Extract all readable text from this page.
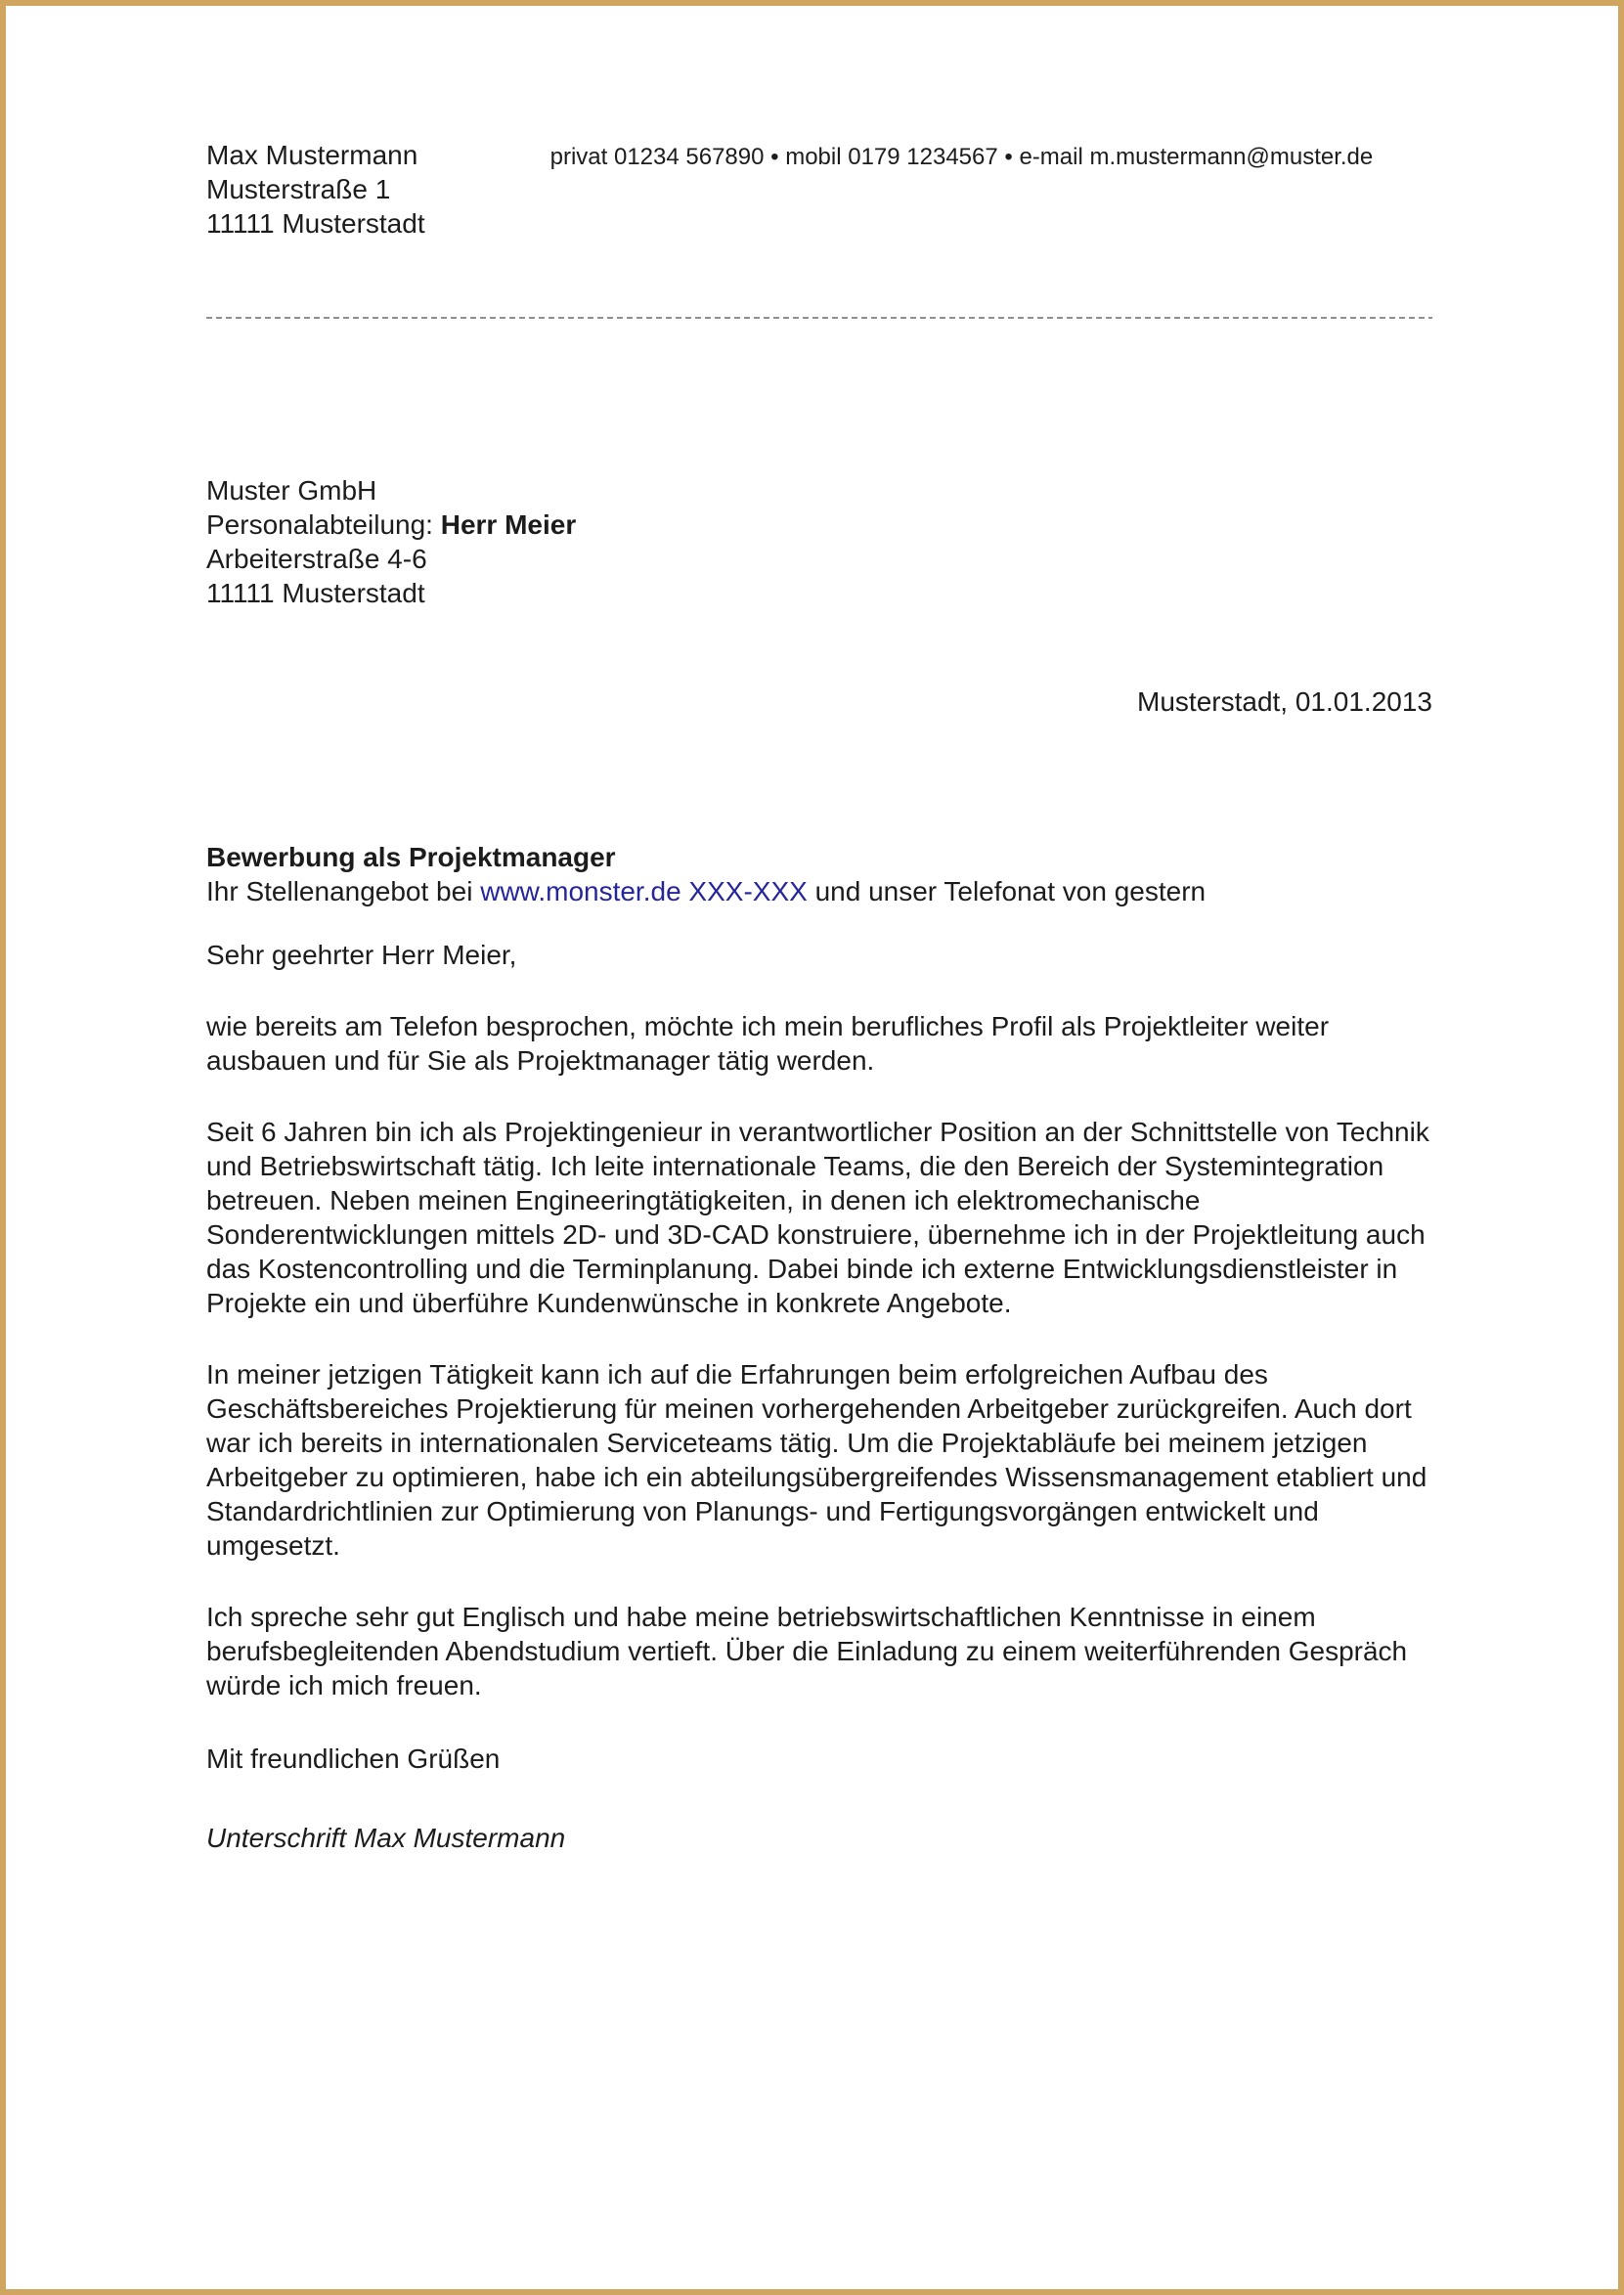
Max Mustermann
Musterstraße 1
11111 Musterstadt
privat 01234 567890 • mobil 0179 1234567 • e-mail m.mustermann@muster.de
Muster GmbH
Personalabteilung: Herr Meier
Arbeiterstraße 4-6
11111 Musterstadt
Musterstadt, 01.01.2013
Bewerbung als Projektmanager
Ihr Stellenangebot bei www.monster.de XXX-XXX und unser Telefonat von gestern
Sehr geehrter Herr Meier,

wie bereits am Telefon besprochen, möchte ich mein berufliches Profil als Projektleiter weiter ausbauen und für Sie als Projektmanager tätig werden.

Seit 6 Jahren bin ich als Projektingenieur in verantwortlicher Position an der Schnittstelle von Technik und Betriebswirtschaft tätig. Ich leite internationale Teams, die den Bereich der Systemintegration betreuen. Neben meinen Engineeringtätigkeiten, in denen ich elektromechanische Sonderentwicklungen mittels 2D- und 3D-CAD konstruiere, übernehme ich in der Projektleitung auch das Kostencontrolling und die Terminplanung. Dabei binde ich externe Entwicklungsdienstleister in Projekte ein und überführe Kundenwünsche in konkrete Angebote.

In meiner jetzigen Tätigkeit kann ich auf die Erfahrungen beim erfolgreichen Aufbau des Geschäftsbereiches Projektierung für meinen vorhergehenden Arbeitgeber zurückgreifen. Auch dort war ich bereits in internationalen Serviceteams tätig. Um die Projektabläufe bei meinem jetzigen Arbeitgeber zu optimieren, habe ich ein abteilungsübergreifendes Wissensmanagement etabliert und Standardrichtlinien zur Optimierung von Planungs- und Fertigungsvorgängen entwickelt und umgesetzt.

Ich spreche sehr gut Englisch und habe meine betriebswirtschaftlichen Kenntnisse in einem berufsbegleitenden Abendstudium vertieft. Über die Einladung zu einem weiterführenden Gespräch würde ich mich freuen.

Mit freundlichen Grüßen
Unterschrift Max Mustermann
